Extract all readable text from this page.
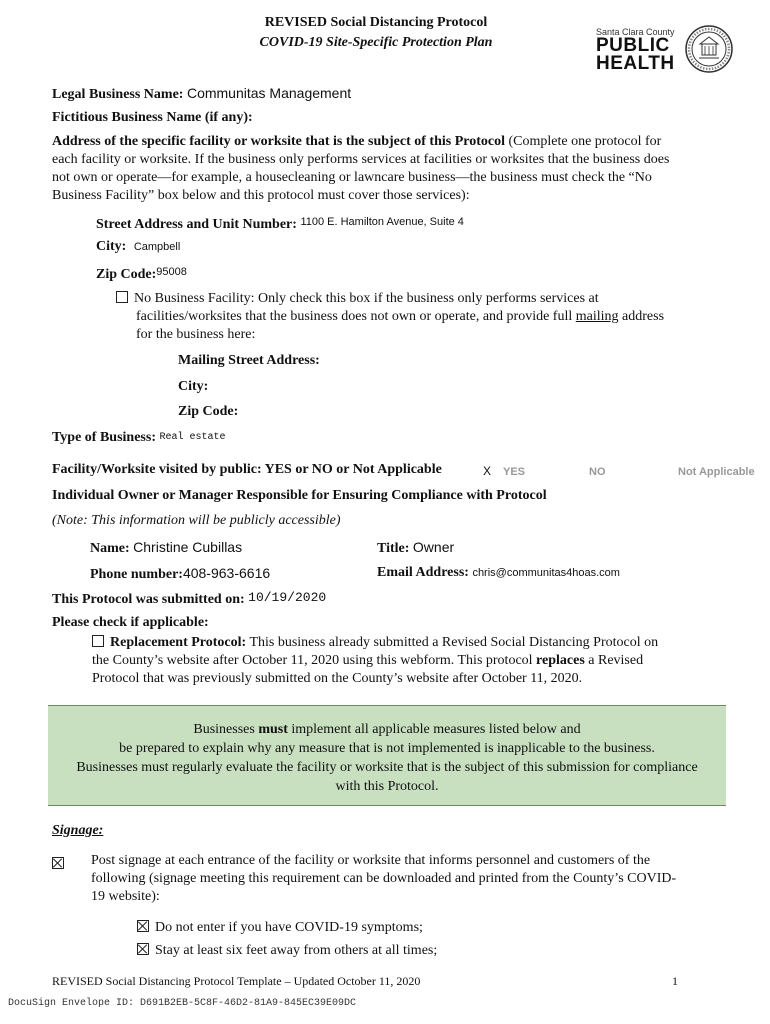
REVISED Social Distancing Protocol
COVID-19 Site-Specific Protection Plan
Santa Clara County
PUBLIC
HEALTH
Legal Business Name: Communitas Management
Fictitious Business Name (if any):
Address of the specific facility or worksite that is the subject of this Protocol (Complete one protocol for
each facility or worksite. If the business only performs services at facilities or worksites that the business does
not own or operate—for example, a housecleaning or lawncare business—the business must check the “No
Business Facility” box below and this protocol must cover those services):
Street Address and Unit Number: $^{1100 E. Hamilton Avenue, Suite 4}$
City: Campbell
Zip Code:$^{95008}$
No Business Facility: Only check this box if the business only performs services at
facilities/worksites that the business does not own or operate, and provide full mailing address
for the business here:
Mailing Street Address:
City:
Zip Code:
Type of Business: Real estate
Facility/Worksite visited by public: YES or NO or Not Applicable	X YES	NO	Not Applicable
Individual Owner or Manager Responsible for Ensuring Compliance with Protocol
(Note: This information will be publicly accessible)
Name: Christine Cubillas	Title: Owner
Phone number:408-963-6616	Email Address: chris@communitas4hoas.com
This Protocol was submitted on: 10/19/2020
Please check if applicable:
Replacement Protocol: This business already submitted a Revised Social Distancing Protocol on
the County’s website after October 11, 2020 using this webform. This protocol replaces a Revised
Protocol that was previously submitted on the County’s website after October 11, 2020.
Businesses must implement all applicable measures listed below and
be prepared to explain why any measure that is not implemented is inapplicable to the business.
Businesses must regularly evaluate the facility or worksite that is the subject of this submission for compliance
with this Protocol.
Signage:
Post signage at each entrance of the facility or worksite that informs personnel and customers of the
following (signage meeting this requirement can be downloaded and printed from the County’s COVID-
19 website):
Do not enter if you have COVID-19 symptoms;
Stay at least six feet away from others at all times;
REVISED Social Distancing Protocol Template – Updated October 11, 2020	1
DocuSign Envelope ID: D691B2EB-5C8F-46D2-81A9-845EC39E09DC
